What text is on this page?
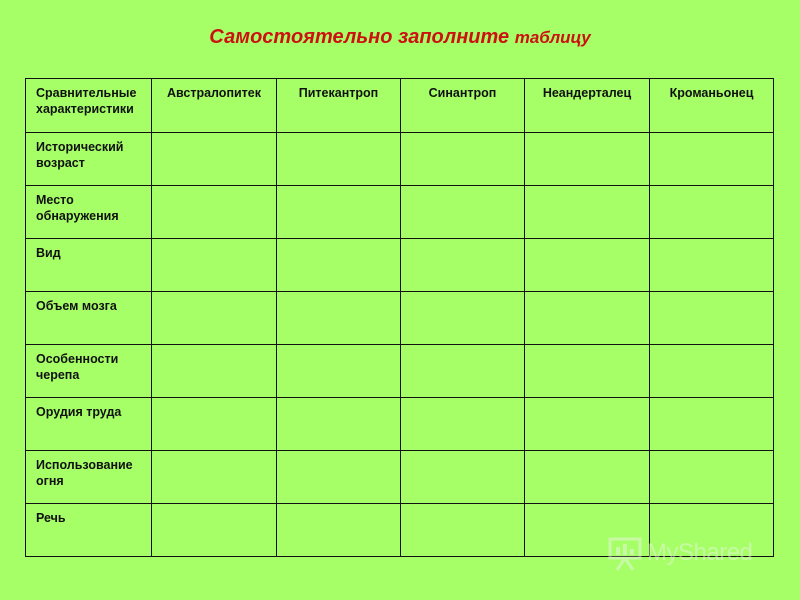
Самостоятельно заполните таблицу
Сравнительные характеристики	Австралопитек	Питекантроп	Синантроп	Неандерталец	Кроманьонец
Исторический возраст					
Место обнаружения					
Вид					
Объем мозга					
Особенности черепа					
Орудия труда					
Использование огня					
Речь					
MyShared
